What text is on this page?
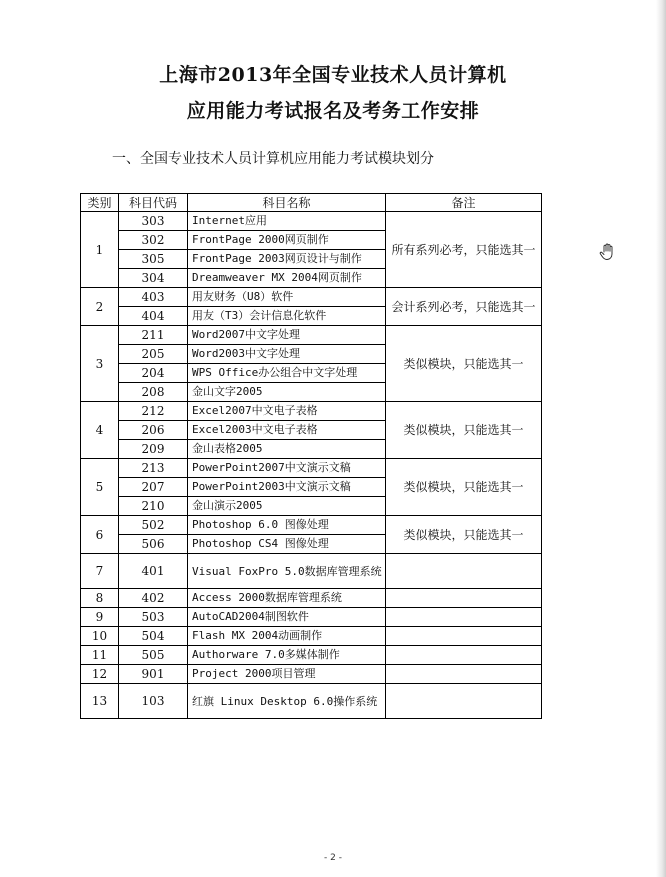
上海市2013年全国专业技术人员计算机
应用能力考试报名及考务工作安排
一、全国专业技术人员计算机应用能力考试模块划分
类别	科目代码	科目名称	备注
1	303	Internet应用	所有系列必考，只能选其一
	302	FrontPage 2000网页制作	
	305	FrontPage 2003网页设计与制作	
	304	Dreamweaver MX 2004网页制作	
2	403	用友财务（U8）软件	会计系列必考，只能选其一
	404	用友（T3）会计信息化软件	
3	211	Word2007中文字处理	类似模块，只能选其一
	205	Word2003中文字处理	
	204	WPS Office办公组合中文字处理	
	208	金山文字2005	
4	212	Excel2007中文电子表格	类似模块，只能选其一
	206	Excel2003中文电子表格	
	209	金山表格2005	
5	213	PowerPoint2007中文演示文稿	类似模块，只能选其一
	207	PowerPoint2003中文演示文稿	
	210	金山演示2005	
6	502	Photoshop 6.0 图像处理	类似模块，只能选其一
	506	Photoshop CS4 图像处理	
7	401	Visual FoxPro 5.0数据库管理系统	
8	402	Access 2000数据库管理系统	
9	503	AutoCAD2004制图软件	
10	504	Flash MX 2004动画制作	
11	505	Authorware 7.0多媒体制作	
12	901	Project 2000项目管理	
13	103	红旗 Linux Desktop 6.0操作系统	
- 2 -
